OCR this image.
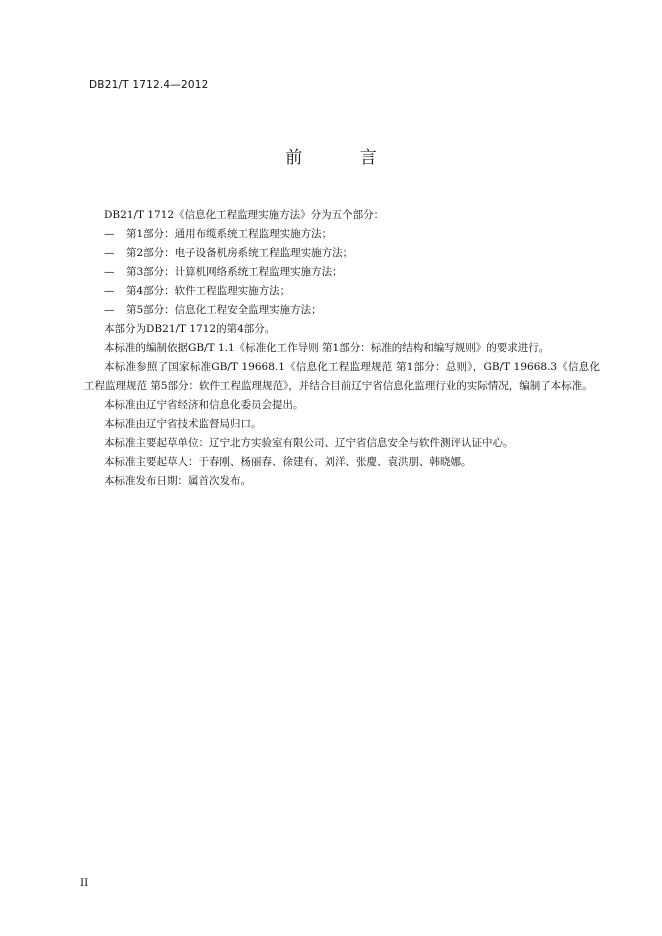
DB21/T 1712.4—2012
前 言
DB21/T 1712《信息化工程监理实施方法》分为五个部分：
— 第1部分：通用布缆系统工程监理实施方法；
— 第2部分：电子设备机房系统工程监理实施方法；
— 第3部分：计算机网络系统工程监理实施方法；
— 第4部分：软件工程监理实施方法；
— 第5部分：信息化工程安全监理实施方法；
本部分为DB21/T 1712的第4部分。
本标准的编制依据GB/T 1.1《标准化工作导则 第1部分：标准的结构和编写规则》的要求进行。
本标准参照了国家标准GB/T 19668.1《信息化工程监理规范 第1部分：总则》，GB/T 19668.3《信息化工程监理规范 第5部分：软件工程监理规范》，并结合目前辽宁省信息化监理行业的实际情况，编制了本标准。
本标准由辽宁省经济和信息化委员会提出。
本标准由辽宁省技术监督局归口。
本标准主要起草单位：辽宁北方实验室有限公司、辽宁省信息安全与软件测评认证中心。
本标准主要起草人：于春刚、杨丽春、徐建有、刘洋、张慶、袁洪朋、韩晓娜。
本标准发布日期：属首次发布。
II
